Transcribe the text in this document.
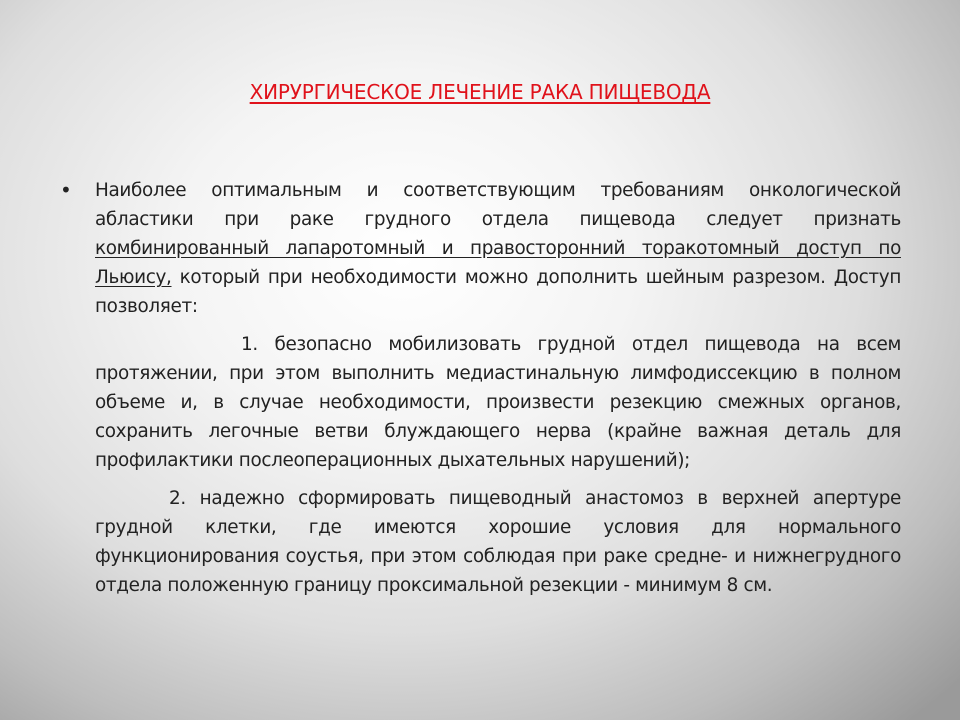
ХИРУРГИЧЕСКОЕ ЛЕЧЕНИЕ РАКА ПИЩЕВОДА
• Наиболее оптимальным и соответствующим требованиям онкологической абластики при раке грудного отдела пищевода следует признать комбинированный лапаротомный и правосторонний торакотомный доступ по Льюису, который при необходимости можно дополнить шейным разрезом. Доступ позволяет:

1. безопасно мобилизовать грудной отдел пищевода на всем протяжении, при этом выполнить медиастинальную лимфодиссекцию в полном объеме и, в случае необходимости, произвести резекцию смежных органов, сохранить легочные ветви блуждающего нерва (крайне важная деталь для профилактики послеоперационных дыхательных нарушений);

2. надежно сформировать пищеводный анастомоз в верхней апертуре грудной клетки, где имеются хорошие условия для нормального функционирования соустья, при этом соблюдая при раке средне- и нижнегрудного отдела положенную границу проксимальной резекции - минимум 8 см.
